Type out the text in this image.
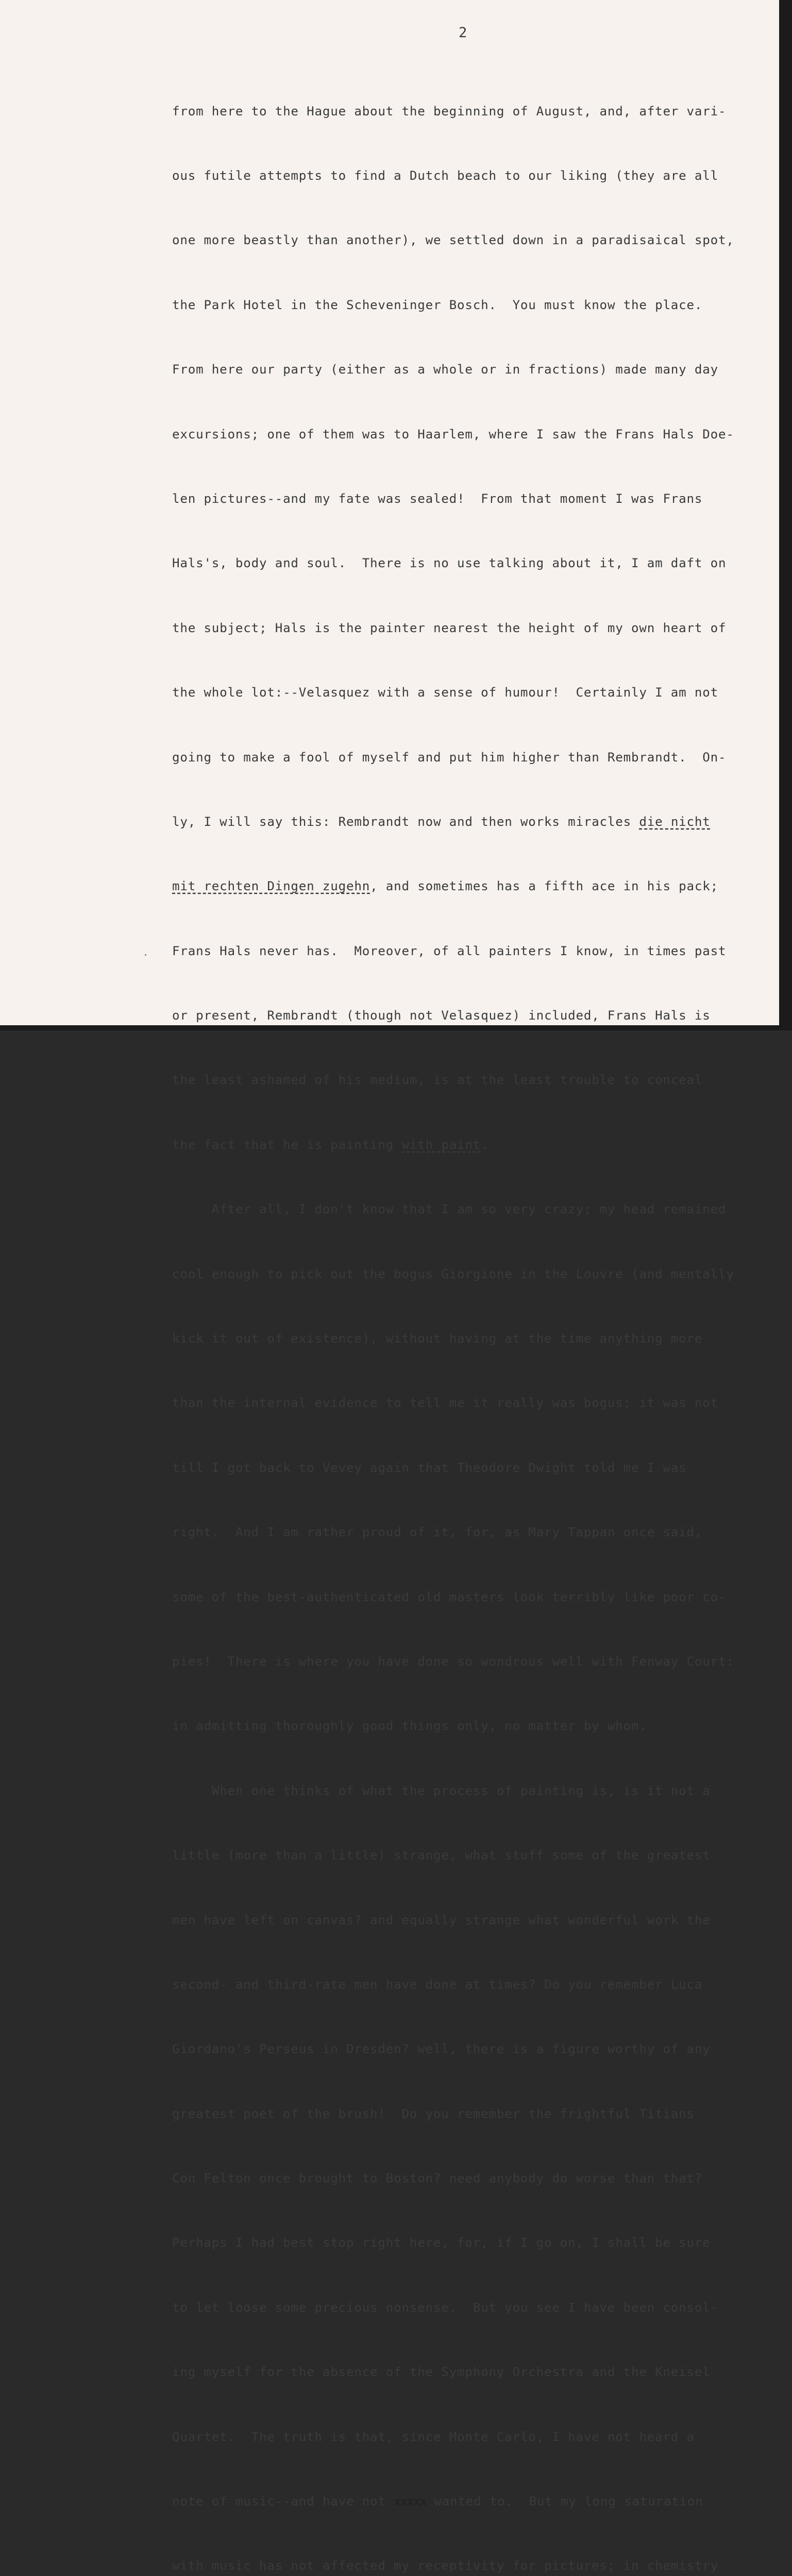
2

from here to the Hague about the beginning of August, and, after vari-

ous futile attempts to find a Dutch beach to our liking (they are all

one more beastly than another), we settled down in a paradisaical spot,

the Park Hotel in the Scheveninger Bosch.  You must know the place.

From here our party (either as a whole or in fractions) made many day

excursions; one of them was to Haarlem, where I saw the Frans Hals Doe-

len pictures--and my fate was sealed!  From that moment I was Frans

Hals's, body and soul.  There is no use talking about it, I am daft on

the subject; Hals is the painter nearest the height of my own heart of

the whole lot:--Velasquez with a sense of humour!  Certainly I am not

going to make a fool of myself and put him higher than Rembrandt.  On-

ly, I will say this: Rembrandt now and then works miracles die nicht

mit rechten Dingen zugehn, and sometimes has a fifth ace in his pack;

Frans Hals never has.  Moreover, of all painters I know, in times past

or present, Rembrandt (though not Velasquez) included, Frans Hals is

the least ashamed of his medium, is at the least trouble to conceal

the fact that he is painting with paint.

After all, I don't know that I am so very crazy; my head remained

cool enough to pick out the bogus Giorgione in the Louvre (and mentally

kick it out of existence), without having at the time anything more

than the internal evidence to tell me it really was bogus; it was not

till I got back to Vevey again that Theodore Dwight told me I was

right.  And I am rather proud of it, for, as Mary Tappan once said,

some of the best-authenticated old masters look terribly like poor co-

pies!  There is where you have done so wondrous well with Fenway Court:

in admitting thoroughly good things only, no matter by whom.

When one thinks of what the process of painting is, is it not a

little (more than a little) strange, what stuff some of the greatest

men have left on canvas? and equally strange what wonderful work the

second- and third-rate men have done at times? Do you remember Luca

Giordano's Perseus in Dresden? well, there is a figure worthy of any

greatest poet of the brush!  Do you remember the frightful Titians

Con Felton once brought to Boston? need anybody do worse than that?

Perhaps I had best stop right here, for, if I go on, I shall be sure

to let loose some precious nonsense.  But you see I have been consol-

ing myself for the absence of the Symphony Orchestra and the Kneisel

Quartet.  The truth is that, since Monte Carlo, I have not heard a

note of music--and have not xxxxx wanted to.  But my long saturation

with music has not affected my receptivity for pictures; in chemistry
